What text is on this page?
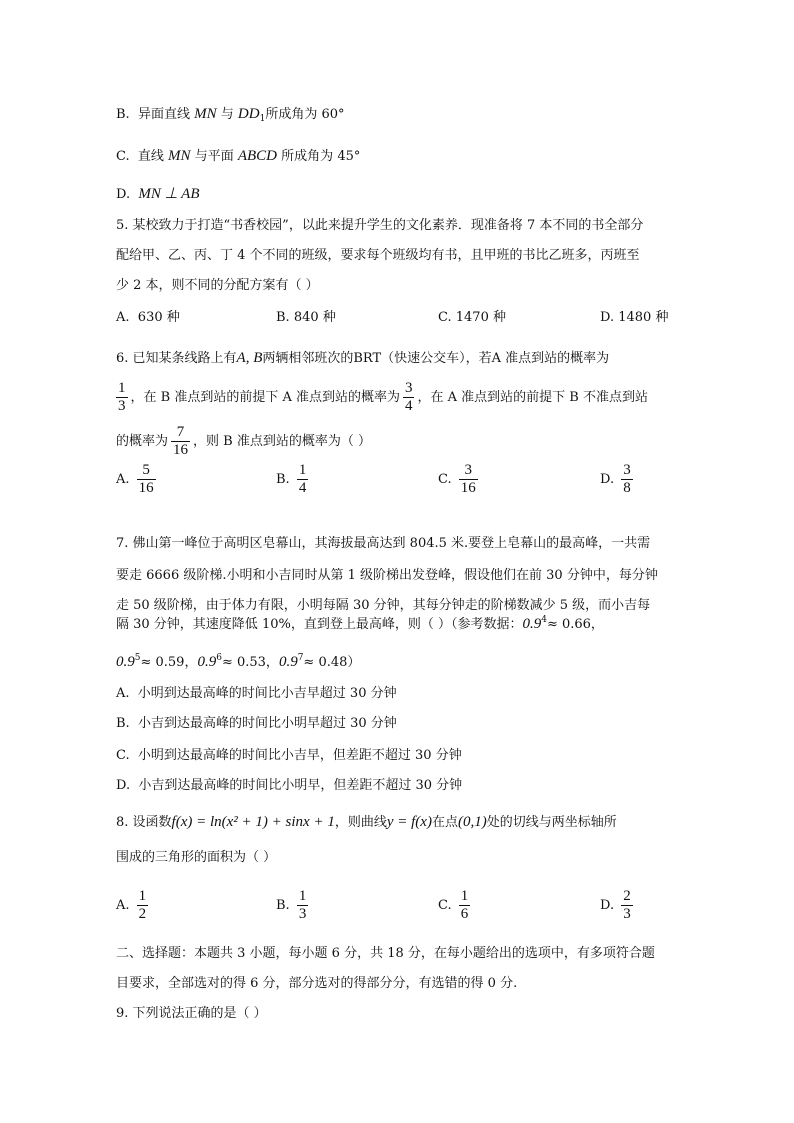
B. 异面直线 MN 与 $DD_1$所成角为 60°
C. 直线 MN 与平面 ABCD 所成角为 45°
D. MN ⊥ AB
5. 某校致力于打造“书香校园”，以此来提升学生的文化素养．现准备将 7 本不同的书全部分
配给甲、乙、丙、丁 4 个不同的班级，要求每个班级均有书，且甲班的书比乙班多，丙班至
少 2 本，则不同的分配方案有（ ）
A. 630 种	B. 840 种	C. 1470 种	D. 1480 种
6. 已知某条线路上有A, B两辆相邻班次的BRT（快速公交车），若A 准点到站的概率为
$\frac{1}{3}$ ，在 B 准点到站的前提下 A 准点到站的概率为 $\frac{3}{4}$ ，在 A 准点到站的前提下 B 不准点到站
的概率为 $\frac{7}{16}$ ，则 B 准点到站的概率为（ ）
A. $\frac{5}{16}$	B. $\frac{1}{4}$	C. $\frac{3}{16}$	D. $\frac{3}{8}$
7. 佛山第一峰位于高明区皂幕山，其海拔最高达到 804.5 米.要登上皂幕山的最高峰，一共需
要走 6666 级阶梯.小明和小吉同时从第 1 级阶梯出发登峰，假设他们在前 30 分钟中，每分钟
走 50 级阶梯，由于体力有限，小明每隔 30 分钟，其每分钟走的阶梯数减少 5 级，而小吉每
隔 30 分钟，其速度降低 10%，直到登上最高峰，则（ ）（参考数据：$0.9^4\approx 0.66$，
$0.9^5\approx 0.59$，$0.9^6\approx 0.53$，$0.9^7\approx 0.48$）
A. 小明到达最高峰的时间比小吉早超过 30 分钟
B. 小吉到达最高峰的时间比小明早超过 30 分钟
C. 小明到达最高峰的时间比小吉早，但差距不超过 30 分钟
D. 小吉到达最高峰的时间比小明早，但差距不超过 30 分钟
8. 设函数f(x) = ln(x² + 1) + sinx + 1，则曲线y = f(x)在点(0,1)处的切线与两坐标轴所
围成的三角形的面积为（ ）
A. $\frac{1}{2}$	B. $\frac{1}{3}$	C. $\frac{1}{6}$	D. $\frac{2}{3}$
二、选择题：本题共 3 小题，每小题 6 分，共 18 分，在每小题给出的选项中，有多项符合题
目要求，全部选对的得 6 分，部分选对的得部分分，有选错的得 0 分.
9. 下列说法正确的是（ ）
